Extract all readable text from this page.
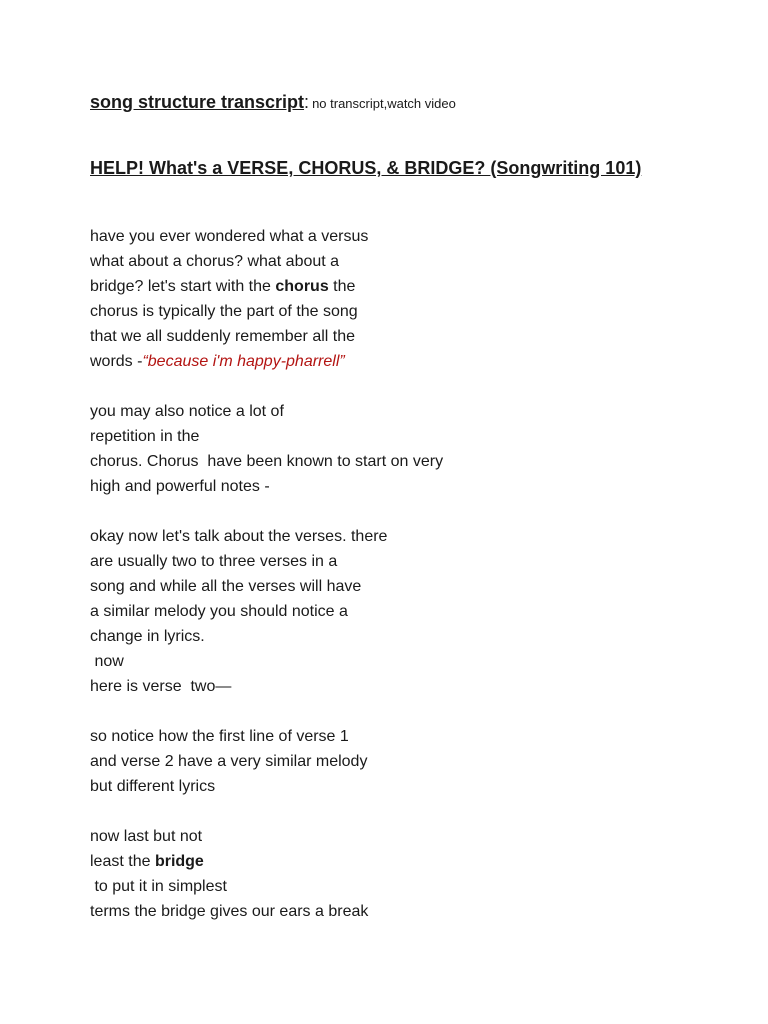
song structure transcript: no transcript,watch video
HELP! What's a VERSE, CHORUS, & BRIDGE? (Songwriting 101)
have you ever wondered what a versus
what about a chorus? what about a
bridge? let's start with the chorus the
chorus is typically the part of the song
that we all suddenly remember all the
words -“because i'm happy-pharrell”
you may also notice a lot of
repetition in the
chorus. Chorus  have been known to start on very
high and powerful notes -
okay now let's talk about the verses. there
are usually two to three verses in a
song and while all the verses will have
a similar melody you should notice a
change in lyrics.
now
here is verse  two—
so notice how the first line of verse 1
and verse 2 have a very similar melody
but different lyrics
now last but not
least the bridge
to put it in simplest
terms the bridge gives our ears a break
